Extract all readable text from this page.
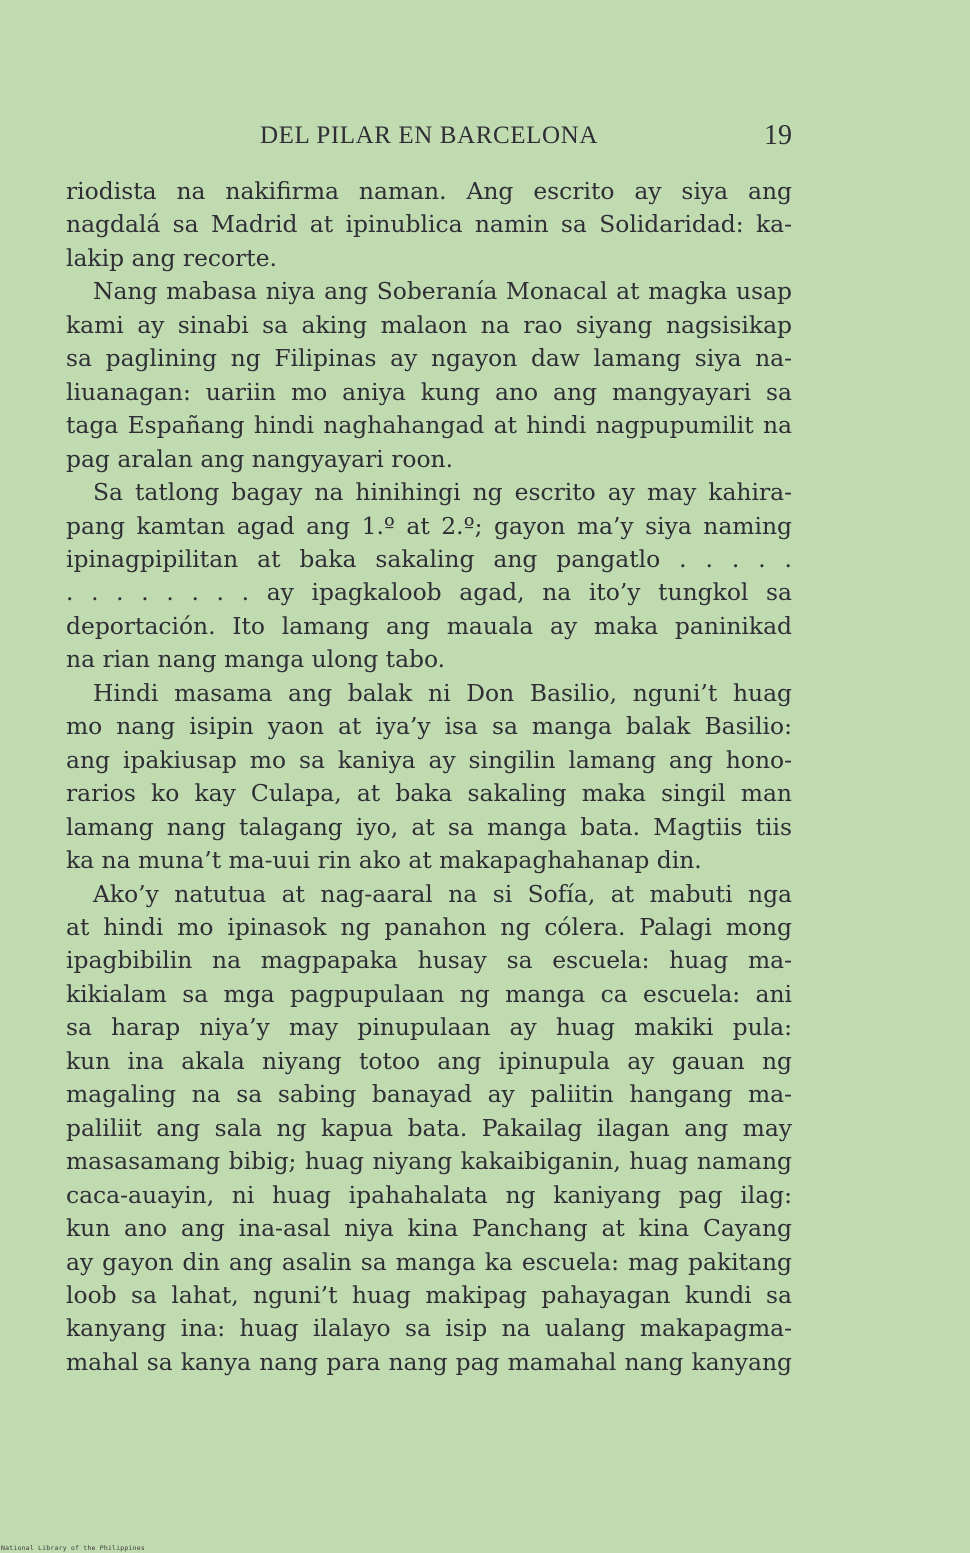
DEL PILAR EN BARCELONA	19
riodista na nakifirma naman. Ang escrito ay siya ang
nagdalá sa Madrid at ipinublica namin sa Solidaridad: ka-
lakip ang recorte.
Nang mabasa niya ang Soberanía Monacal at magka usap
kami ay sinabi sa aking malaon na rao siyang nagsisikap
sa paglining ng Filipinas ay ngayon daw lamang siya na-
liuanagan: uariin mo aniya kung ano ang mangyayari sa
taga Españang hindi naghahangad at hindi nagpupumilit na
pag aralan ang nangyayari roon.
Sa tatlong bagay na hinihingi ng escrito ay may kahira-
pang kamtan agad ang 1.º at 2.º; gayon ma’y siya naming
ipinagpipilitan at baka sakaling ang pangatlo . . . . .
. . . . . . . . ay ipagkaloob agad, na ito’y tungkol sa
deportación. Ito lamang ang mauala ay maka paninikad
na rian nang manga ulong tabo.
Hindi masama ang balak ni Don Basilio, nguni’t huag
mo nang isipin yaon at iya’y isa sa manga balak Basilio:
ang ipakiusap mo sa kaniya ay singilin lamang ang hono-
rarios ko kay Culapa, at baka sakaling maka singil man
lamang nang talagang iyo, at sa manga bata. Magtiis tiis
ka na muna’t ma-uui rin ako at makapaghahanap din.
Ako’y natutua at nag-aaral na si Sofía, at mabuti nga
at hindi mo ipinasok ng panahon ng cólera. Palagi mong
ipagbibilin na magpapaka husay sa escuela: huag ma-
kikialam sa mga pagpupulaan ng manga ca escuela: ani
sa harap niya’y may pinupulaan ay huag makiki pula:
kun ina akala niyang totoo ang ipinupula ay gauan ng
magaling na sa sabing banayad ay paliitin hangang ma-
paliliit ang sala ng kapua bata. Pakailag ilagan ang may
masasamang bibig; huag niyang kakaibiganin, huag namang
caca-auayin, ni huag ipahahalata ng kaniyang pag ilag:
kun ano ang ina-asal niya kina Panchang at kina Cayang
ay gayon din ang asalin sa manga ka escuela: mag pakitang
loob sa lahat, nguni’t huag makipag pahayagan kundi sa
kanyang ina: huag ilalayo sa isip na ualang makapagma-
mahal sa kanya nang para nang pag mamahal nang kanyang
National Library of the Philippines
